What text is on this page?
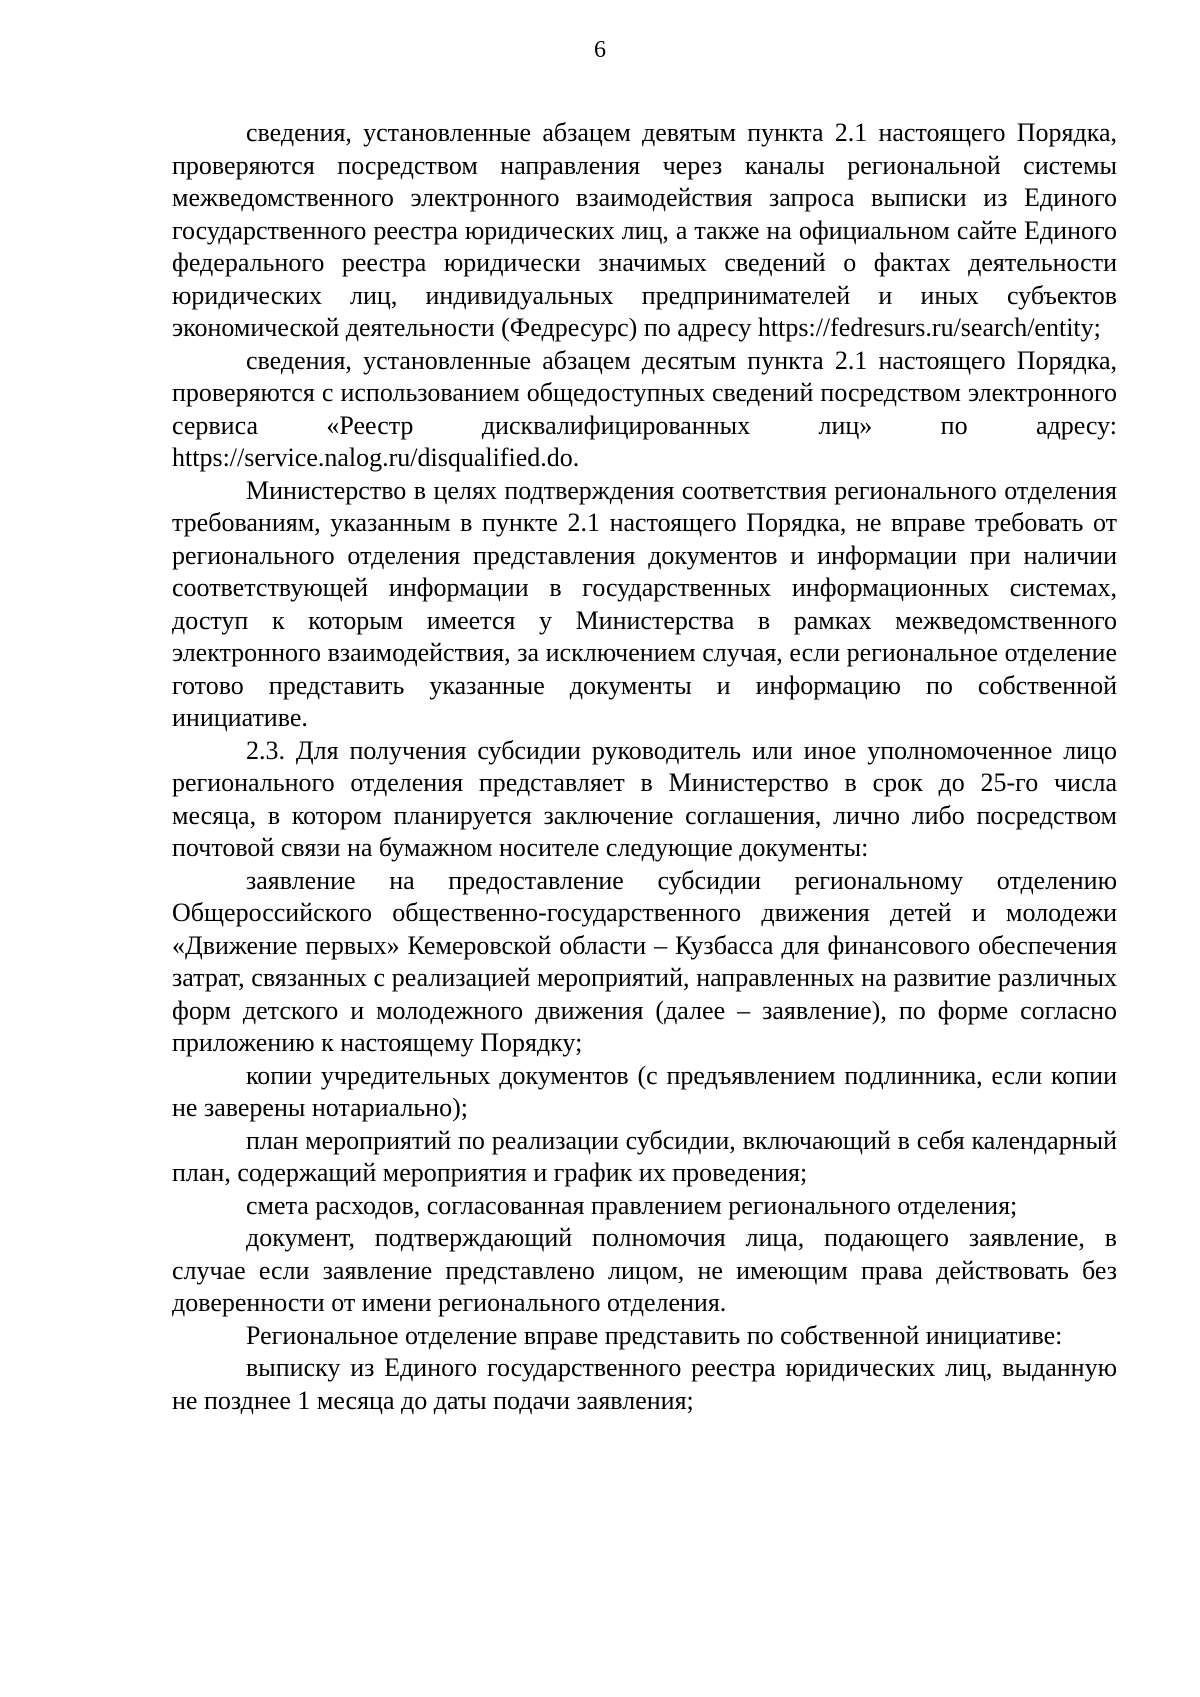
6

сведения, установленные абзацем девятым пункта 2.1 настоящего Порядка, проверяются посредством направления через каналы региональной системы межведомственного электронного взаимодействия запроса выписки из Единого государственного реестра юридических лиц, а также на официальном сайте Единого федерального реестра юридически значимых сведений о фактах деятельности юридических лиц, индивидуальных предпринимателей и иных субъектов экономической деятельности (Федресурс) по адресу https://fedresurs.ru/search/entity;

сведения, установленные абзацем десятым пункта 2.1 настоящего Порядка, проверяются с использованием общедоступных сведений посредством электронного сервиса «Реестр дисквалифицированных лиц» по адресу: https://service.nalog.ru/disqualified.do.

Министерство в целях подтверждения соответствия регионального отделения требованиям, указанным в пункте 2.1 настоящего Порядка, не вправе требовать от регионального отделения представления документов и информации при наличии соответствующей информации в государственных информационных системах, доступ к которым имеется у Министерства в рамках межведомственного электронного взаимодействия, за исключением случая, если региональное отделение готово представить указанные документы и информацию по собственной инициативе.

2.3. Для получения субсидии руководитель или иное уполномоченное лицо регионального отделения представляет в Министерство в срок до 25-го числа месяца, в котором планируется заключение соглашения, лично либо посредством почтовой связи на бумажном носителе следующие документы:

заявление на предоставление субсидии региональному отделению Общероссийского общественно-государственного движения детей и молодежи «Движение первых» Кемеровской области – Кузбасса для финансового обеспечения затрат, связанных с реализацией мероприятий, направленных на развитие различных форм детского и молодежного движения (далее – заявление), по форме согласно приложению к настоящему Порядку;

копии учредительных документов (с предъявлением подлинника, если копии не заверены нотариально);

план мероприятий по реализации субсидии, включающий в себя календарный план, содержащий мероприятия и график их проведения;

смета расходов, согласованная правлением регионального отделения;

документ, подтверждающий полномочия лица, подающего заявление, в случае если заявление представлено лицом, не имеющим права действовать без доверенности от имени регионального отделения.

Региональное отделение вправе представить по собственной инициативе:

выписку из Единого государственного реестра юридических лиц, выданную не позднее 1 месяца до даты подачи заявления;
